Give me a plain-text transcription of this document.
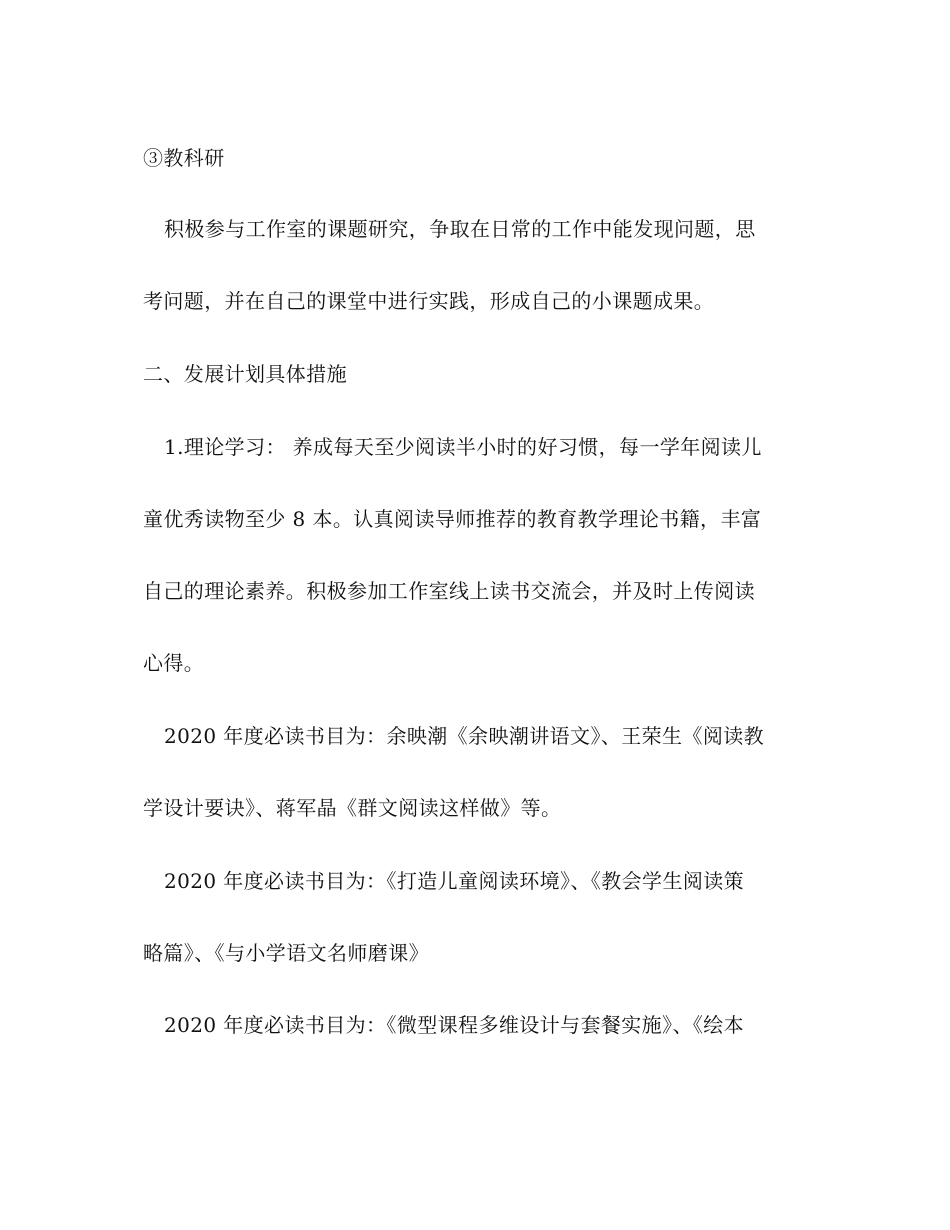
③教科研
积极参与工作室的课题研究，争取在日常的工作中能发现问题，思
考问题，并在自己的课堂中进行实践，形成自己的小课题成果。
二、发展计划具体措施
1.理论学习： 养成每天至少阅读半小时的好习惯，每一学年阅读儿
童优秀读物至少 8 本。认真阅读导师推荐的教育教学理论书籍，丰富
自己的理论素养。积极参加工作室线上读书交流会，并及时上传阅读
心得。
2020 年度必读书目为：余映潮《余映潮讲语文》、王荣生《阅读教
学设计要诀》、蒋军晶《群文阅读这样做》等。
2020 年度必读书目为：《打造儿童阅读环境》、《教会学生阅读策
略篇》、《与小学语文名师磨课》
2020 年度必读书目为：《微型课程多维设计与套餐实施》、《绘本
